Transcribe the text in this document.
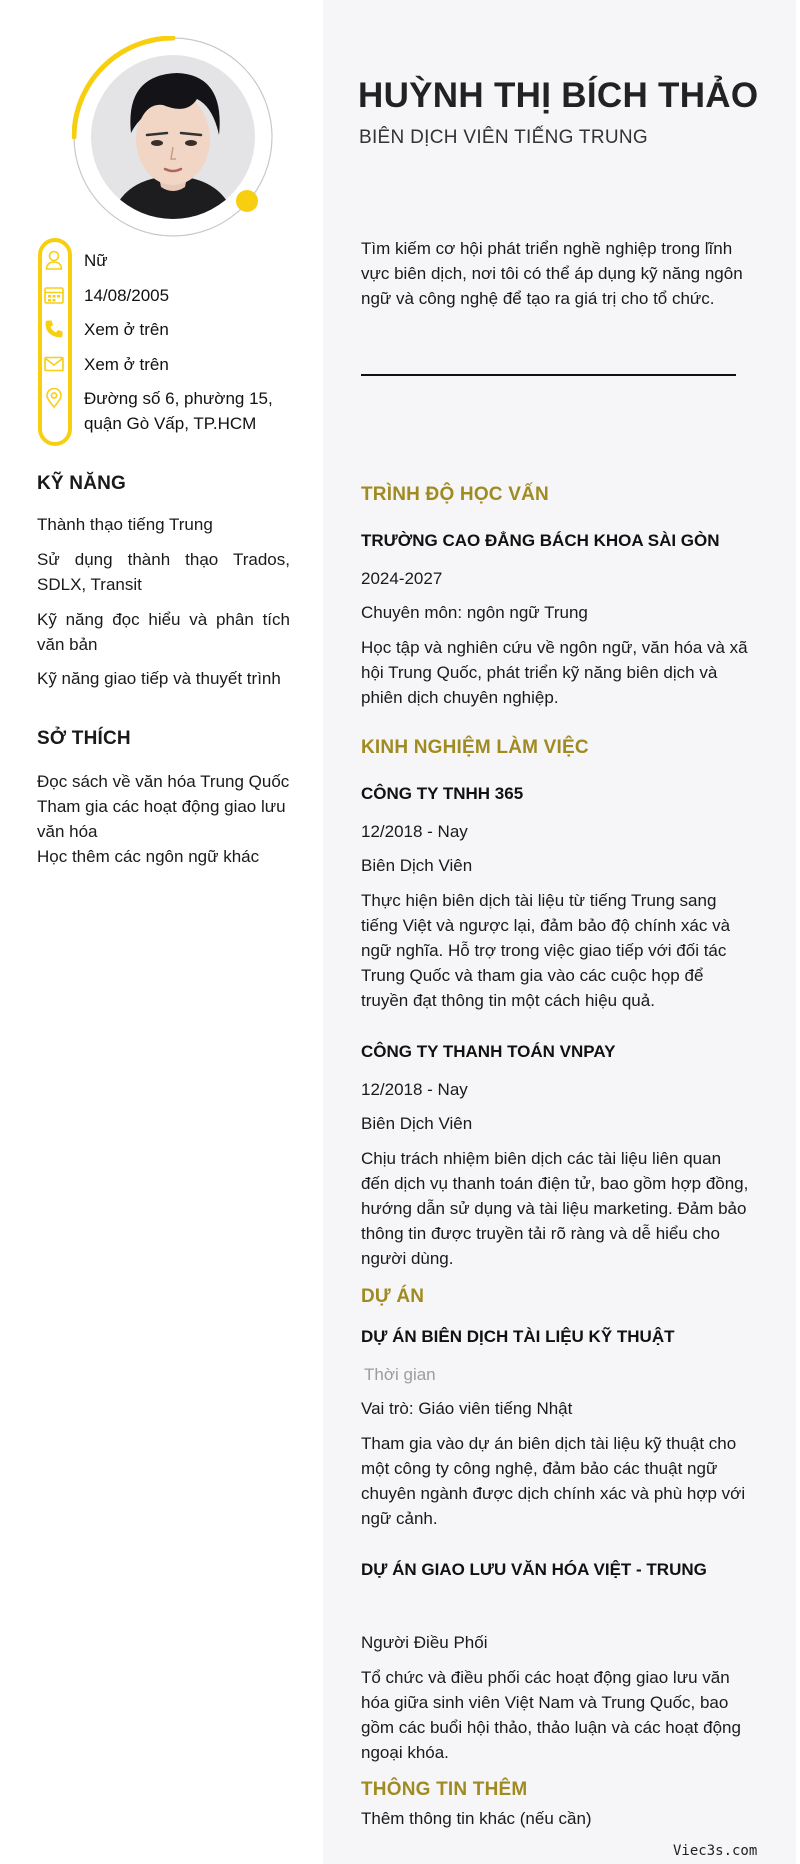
Nữ
14/08/2005
Xem ở trên
Xem ở trên
Đường số 6, phường 15, quận Gò Vấp, TP.HCM
KỸ NĂNG
Thành thạo tiếng Trung
Sử dụng thành thạo Trados, SDLX, Transit
Kỹ năng đọc hiểu và phân tích văn bản
Kỹ năng giao tiếp và thuyết trình
SỞ THÍCH
Đọc sách về văn hóa Trung Quốc
Tham gia các hoạt động giao lưu văn hóa
Học thêm các ngôn ngữ khác
HUỲNH THỊ BÍCH THẢO
BIÊN DỊCH VIÊN TIẾNG TRUNG
Tìm kiếm cơ hội phát triển nghề nghiệp trong lĩnh vực biên dịch, nơi tôi có thể áp dụng kỹ năng ngôn ngữ và công nghệ để tạo ra giá trị cho tổ chức.
TRÌNH ĐỘ HỌC VẤN
TRƯỜNG CAO ĐẲNG BÁCH KHOA SÀI GÒN
2024-2027
Chuyên môn: ngôn ngữ Trung
Học tập và nghiên cứu về ngôn ngữ, văn hóa và xã hội Trung Quốc, phát triển kỹ năng biên dịch và phiên dịch chuyên nghiệp.
KINH NGHIỆM LÀM VIỆC
CÔNG TY TNHH 365
12/2018 - Nay
Biên Dịch Viên
Thực hiện biên dịch tài liệu từ tiếng Trung sang tiếng Việt và ngược lại, đảm bảo độ chính xác và ngữ nghĩa. Hỗ trợ trong việc giao tiếp với đối tác Trung Quốc và tham gia vào các cuộc họp để truyền đạt thông tin một cách hiệu quả.
CÔNG TY THANH TOÁN VNPAY
12/2018 - Nay
Biên Dịch Viên
Chịu trách nhiệm biên dịch các tài liệu liên quan đến dịch vụ thanh toán điện tử, bao gồm hợp đồng, hướng dẫn sử dụng và tài liệu marketing. Đảm bảo thông tin được truyền tải rõ ràng và dễ hiểu cho người dùng.
DỰ ÁN
DỰ ÁN BIÊN DỊCH TÀI LIỆU KỸ THUẬT
Thời gian
Vai trò: Giáo viên tiếng Nhật
Tham gia vào dự án biên dịch tài liệu kỹ thuật cho một công ty công nghệ, đảm bảo các thuật ngữ chuyên ngành được dịch chính xác và phù hợp với ngữ cảnh.
DỰ ÁN GIAO LƯU VĂN HÓA VIỆT - TRUNG
Người Điều Phối
Tổ chức và điều phối các hoạt động giao lưu văn hóa giữa sinh viên Việt Nam và Trung Quốc, bao gồm các buổi hội thảo, thảo luận và các hoạt động ngoại khóa.
THÔNG TIN THÊM
Thêm thông tin khác (nếu cần)
Viec3s.com
